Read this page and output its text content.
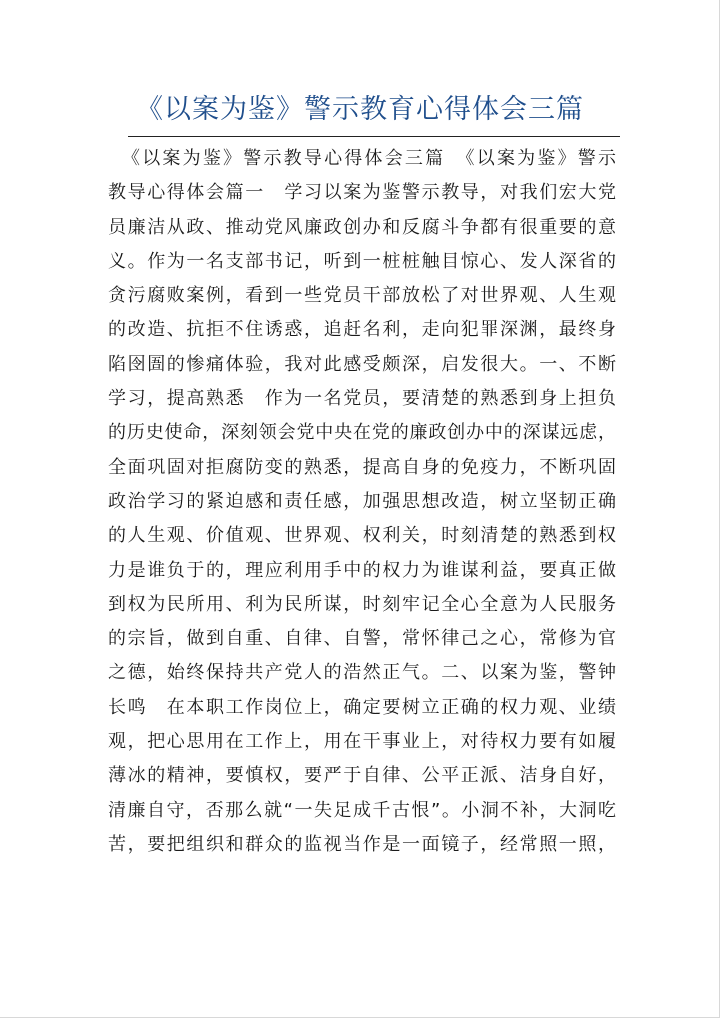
《以案为鉴》警示教育心得体会三篇
《以案为鉴》警示教导心得体会三篇　《以案为鉴》警示
教导心得体会篇一　学习以案为鉴警示教导，对我们宏大党
员廉洁从政、推动党风廉政创办和反腐斗争都有很重要的意
义。作为一名支部书记，听到一桩桩触目惊心、发人深省的
贪污腐败案例，看到一些党员干部放松了对世界观、人生观
的改造、抗拒不住诱惑，追赶名利，走向犯罪深渊，最终身
陷囹圄的惨痛体验，我对此感受颇深，启发很大。一、不断
学习，提高熟悉　作为一名党员，要清楚的熟悉到身上担负
的历史使命，深刻领会党中央在党的廉政创办中的深谋远虑，
全面巩固对拒腐防变的熟悉，提高自身的免疫力，不断巩固
政治学习的紧迫感和责任感，加强思想改造，树立坚韧正确
的人生观、价值观、世界观、权利关，时刻清楚的熟悉到权
力是谁负于的，理应利用手中的权力为谁谋利益，要真正做
到权为民所用、利为民所谋，时刻牢记全心全意为人民服务
的宗旨，做到自重、自律、自警，常怀律己之心，常修为官
之德，始终保持共产党人的浩然正气。二、以案为鉴，警钟
长鸣　在本职工作岗位上，确定要树立正确的权力观、业绩
观，把心思用在工作上，用在干事业上，对待权力要有如履
薄冰的精神，要慎权，要严于自律、公平正派、洁身自好，
清廉自守，否那么就“一失足成千古恨”。小洞不补，大洞吃
苦，要把组织和群众的监视当作是一面镜子，经常照一照，
